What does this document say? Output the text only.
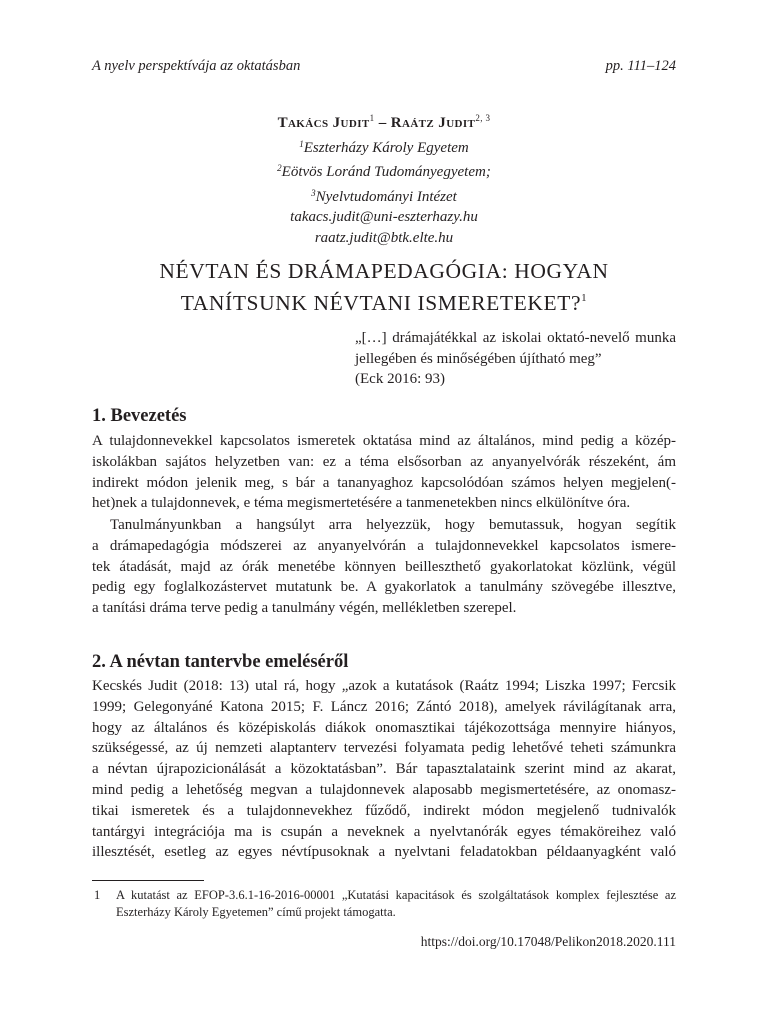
A nyelv perspektívája az oktatásban	pp. 111–124
Takács Judit$^1$ – Raátz Judit$^{2, 3}$
$^1$Eszterházy Károly Egyetem
$^2$Eötvös Loránd Tudományegyetem;
$^3$Nyelvtudományi Intézet
takacs.judit@uni-eszterhazy.hu
raatz.judit@btk.elte.hu
NÉVTAN ÉS DRÁMAPEDAGÓGIA: HOGYAN
TANÍTSUNK NÉVTANI ISMERETEKET?$^1$
„[…] drámajátékkal az iskolai oktató-nevelő munka jellegében és minőségében újítható meg”
(Eck 2016: 93)
1. Bevezetés
A tulajdonnevekkel kapcsolatos ismeretek oktatása mind az általános, mind pedig a közép-
iskolákban sajátos helyzetben van: ez a téma elsősorban az anyanyelvórák részeként, ám
indirekt módon jelenik meg, s bár a tananyaghoz kapcsolódóan számos helyen megjelen(-
het)nek a tulajdonnevek, e téma megismertetésére a tanmenetekben nincs elkülönítve óra.
Tanulmányunkban a hangsúlyt arra helyezzük, hogy bemutassuk, hogyan segítik
a drámapedagógia módszerei az anyanyelvórán a tulajdonnevekkel kapcsolatos ismere-
tek átadását, majd az órák menetébe könnyen beilleszthető gyakorlatokat közlünk, végül
pedig egy foglalkozástervet mutatunk be. A gyakorlatok a tanulmány szövegébe illesztve,
a tanítási dráma terve pedig a tanulmány végén, mellékletben szerepel.
2. A névtan tantervbe emeléséről
Kecskés Judit (2018: 13) utal rá, hogy „azok a kutatások (Raátz 1994; Liszka 1997; Fercsik
1999; Gelegonyáné Katona 2015; F. Láncz 2016; Zántó 2018), amelyek rávilágítanak arra,
hogy az általános és középiskolás diákok onomasztikai tájékozottsága mennyire hiányos,
szükségessé, az új nemzeti alaptanterv tervezési folyamata pedig lehetővé teheti számunkra
a névtan újrapozicionálását a közoktatásban”. Bár tapasztalataink szerint mind az akarat,
mind pedig a lehetőség megvan a tulajdonnevek alaposabb megismertetésére, az onomasz-
tikai ismeretek és a tulajdonnevekhez fűződő, indirekt módon megjelenő tudnivalók
tantárgyi integrációja ma is csupán a neveknek a nyelvtanórák egyes témaköreihez való
illesztését, esetleg az egyes névtípusoknak a nyelvtani feladatokban példaanyagként való
1 A kutatást az EFOP-3.6.1-16-2016-00001 „Kutatási kapacitások és szolgáltatások komplex fejlesztése az Eszterházy Károly Egyetemen” című projekt támogatta.
https://doi.org/10.17048/Pelikon2018.2020.111
